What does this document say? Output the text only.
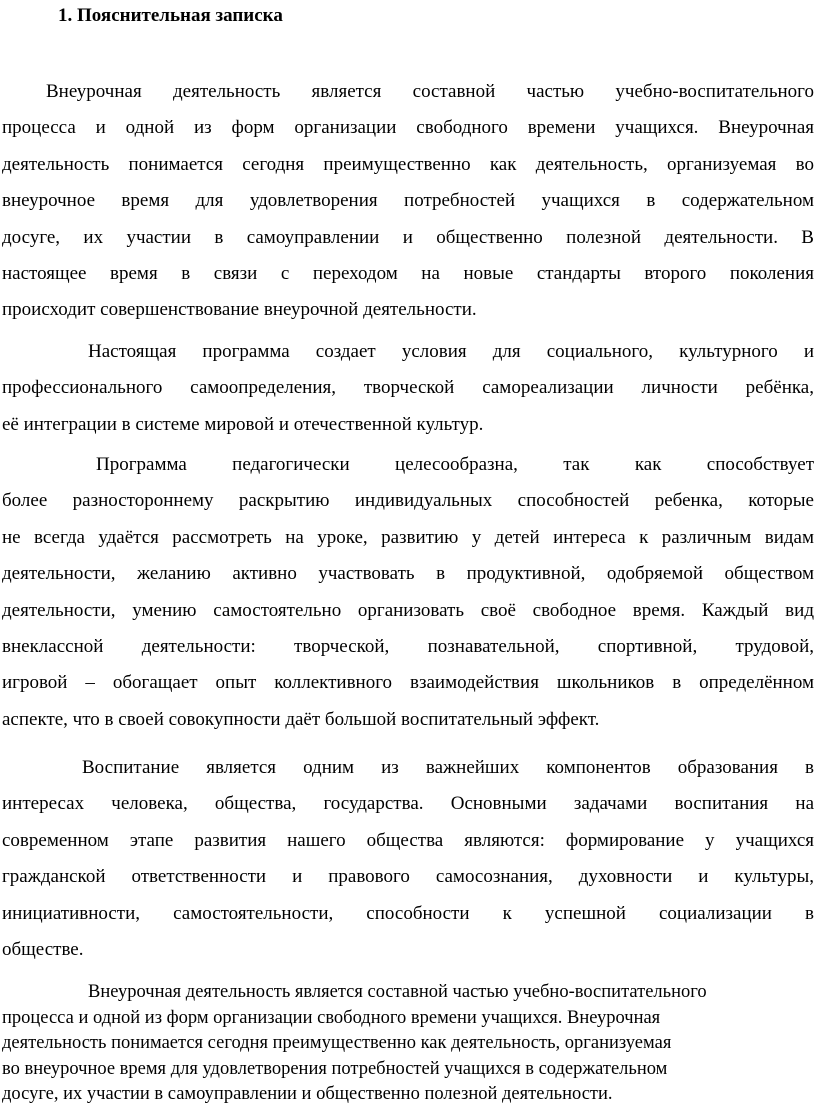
1. Пояснительная записка
Внеурочная деятельность является составной частью учебно-воспитательного
процесса и одной из форм организации свободного времени учащихся. Внеурочная
деятельность понимается сегодня преимущественно как деятельность, организуемая во
внеурочное время для удовлетворения потребностей учащихся в содержательном
досуге, их участии в самоуправлении и общественно полезной деятельности. В
настоящее время в связи с переходом на новые стандарты второго поколения
происходит совершенствование внеурочной деятельности.
Настоящая программа создает условия для социального, культурного и
профессионального самоопределения, творческой самореализации личности ребёнка,
её интеграции в системе мировой и отечественной культур.
Программа педагогически целесообразна, так как способствует
более разностороннему раскрытию индивидуальных способностей ребенка, которые
не всегда удаётся рассмотреть на уроке, развитию у детей интереса к различным видам
деятельности, желанию активно участвовать в продуктивной, одобряемой обществом
деятельности, умению самостоятельно организовать своё свободное время. Каждый вид
внеклассной деятельности: творческой, познавательной, спортивной, трудовой,
игровой – обогащает опыт коллективного взаимодействия школьников в определённом
аспекте, что в своей совокупности даёт большой воспитательный эффект.
Воспитание является одним из важнейших компонентов образования в
интересах человека, общества, государства. Основными задачами воспитания на
современном этапе развития нашего общества являются: формирование у учащихся
гражданской ответственности и правового самосознания, духовности и культуры,
инициативности, самостоятельности, способности к успешной социализации в
обществе.
Внеурочная деятельность является составной частью учебно-воспитательного
процесса и одной из форм организации свободного времени учащихся. Внеурочная
деятельность понимается сегодня преимущественно как деятельность, организуемая
во внеурочное время для удовлетворения потребностей учащихся в содержательном
досуге, их участии в самоуправлении и общественно полезной деятельности.
